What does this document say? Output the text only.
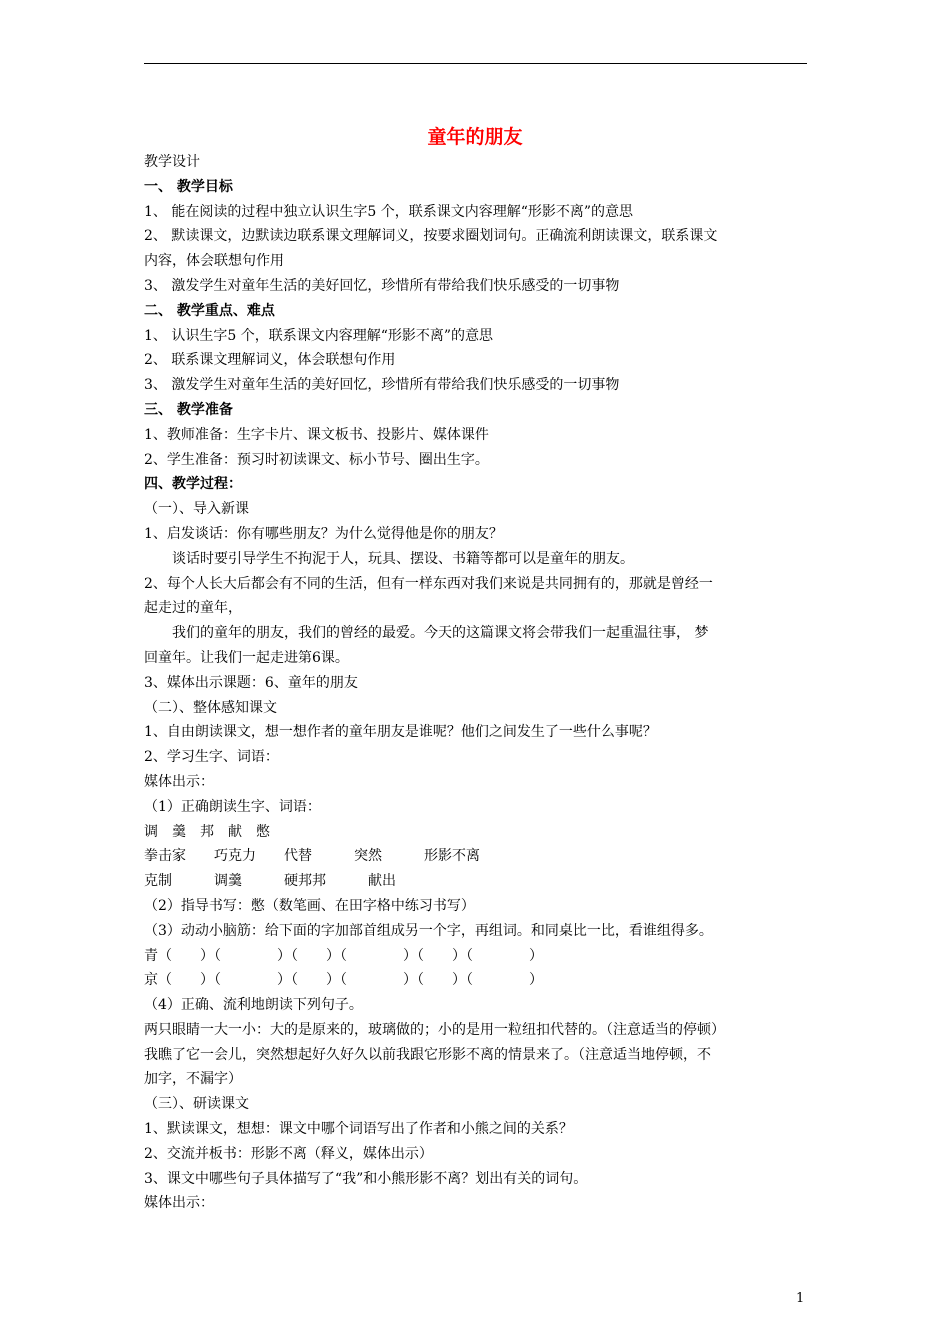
童年的朋友
教学设计
一、 教学目标
1、 能在阅读的过程中独立认识生字5 个，联系课文内容理解“形影不离”的意思
2、 默读课文，边默读边联系课文理解词义，按要求圈划词句。正确流利朗读课文，联系课文
内容，体会联想句作用
3、 激发学生对童年生活的美好回忆，珍惜所有带给我们快乐感受的一切事物
二、 教学重点、难点
1、 认识生字5 个，联系课文内容理解“形影不离”的意思
2、 联系课文理解词义，体会联想句作用
3、 激发学生对童年生活的美好回忆，珍惜所有带给我们快乐感受的一切事物
三、 教学准备
1、教师准备：生字卡片、课文板书、投影片、媒体课件
2、学生准备：预习时初读课文、标小节号、圈出生字。
四、教学过程：
（一）、导入新课
1、启发谈话：你有哪些朋友？为什么觉得他是你的朋友？
谈话时要引导学生不拘泥于人，玩具、摆设、书籍等都可以是童年的朋友。
2、每个人长大后都会有不同的生活，但有一样东西对我们来说是共同拥有的，那就是曾经一
起走过的童年，
我们的童年的朋友，我们的曾经的最爱。今天的这篇课文将会带我们一起重温往事， 梦
回童年。让我们一起走进第6课。
3、媒体出示课题：6、童年的朋友
（二）、整体感知课文
1、自由朗读课文，想一想作者的童年朋友是谁呢？他们之间发生了一些什么事呢？
2、学习生字、词语：
媒体出示：
（1）正确朗读生字、词语：
调　羹　邦　献　憋
拳击家　　巧克力　　代替　　　突然　　　形影不离
克制　　　调羹　　　硬邦邦　　　献出
（2）指导书写：憋（数笔画、在田字格中练习书写）
（3）动动小脑筋：给下面的字加部首组成另一个字，再组词。和同桌比一比，看谁组得多。
青（　　）（　　　　）（　　）（　　　　）（　　）（　　　　）
京（　　）（　　　　）（　　）（　　　　）（　　）（　　　　）
（4）正确、流利地朗读下列句子。
两只眼睛一大一小：大的是原来的，玻璃做的；小的是用一粒纽扣代替的。（注意适当的停顿）
我瞧了它一会儿，突然想起好久好久以前我跟它形影不离的情景来了。（注意适当地停顿，不
加字，不漏字）
（三）、研读课文
1、默读课文，想想：课文中哪个词语写出了作者和小熊之间的关系？
2、交流并板书：形影不离（释义，媒体出示）
3、课文中哪些句子具体描写了“我”和小熊形影不离？划出有关的词句。
媒体出示：
1
